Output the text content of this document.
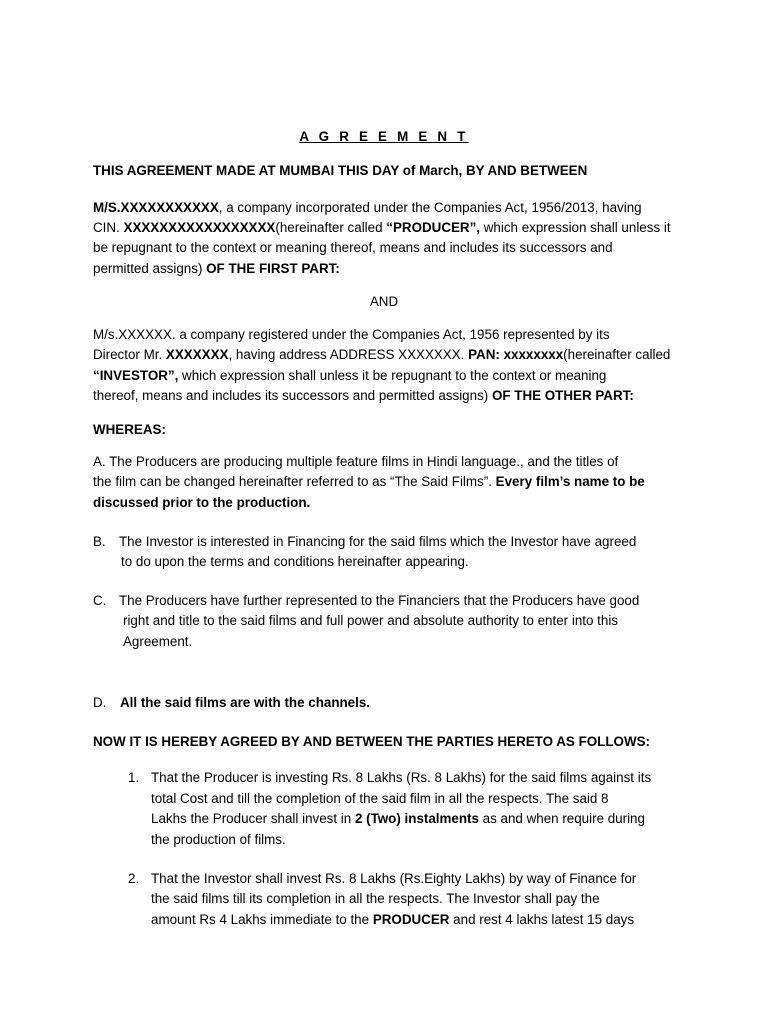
A G R E E M E N T
THIS AGREEMENT MADE AT MUMBAI THIS DAY of March, BY AND BETWEEN
M/S.XXXXXXXXXXX, a company incorporated under the Companies Act, 1956/2013, having
CIN. XXXXXXXXXXXXXXXXX(hereinafter called “PRODUCER”, which expression shall unless it
be repugnant to the context or meaning thereof, means and includes its successors and
permitted assigns) OF THE FIRST PART:
AND
M/s.XXXXXX. a company registered under the Companies Act, 1956 represented by its
Director Mr. XXXXXXX, having address ADDRESS XXXXXXX. PAN: xxxxxxxx(hereinafter called
“INVESTOR”, which expression shall unless it be repugnant to the context or meaning
thereof, means and includes its successors and permitted assigns) OF THE OTHER PART:
WHEREAS:
A. The Producers are producing multiple feature films in Hindi language., and the titles of
the film can be changed hereinafter referred to as “The Said Films”. Every film’s name to be
discussed prior to the production.
B. The Investor is interested in Financing for the said films which the Investor have agreed
to do upon the terms and conditions hereinafter appearing.
C. The Producers have further represented to the Financiers that the Producers have good
right and title to the said films and full power and absolute authority to enter into this
Agreement.
D. All the said films are with the channels.
NOW IT IS HEREBY AGREED BY AND BETWEEN THE PARTIES HERETO AS FOLLOWS:
1. That the Producer is investing Rs. 8 Lakhs (Rs. 8 Lakhs) for the said films against its
total Cost and till the completion of the said film in all the respects. The said 8
Lakhs the Producer shall invest in 2 (Two) instalments as and when require during
the production of films.
2. That the Investor shall invest Rs. 8 Lakhs (Rs.Eighty Lakhs) by way of Finance for
the said films till its completion in all the respects. The Investor shall pay the
amount Rs 4 Lakhs immediate to the PRODUCER and rest 4 lakhs latest 15 days
